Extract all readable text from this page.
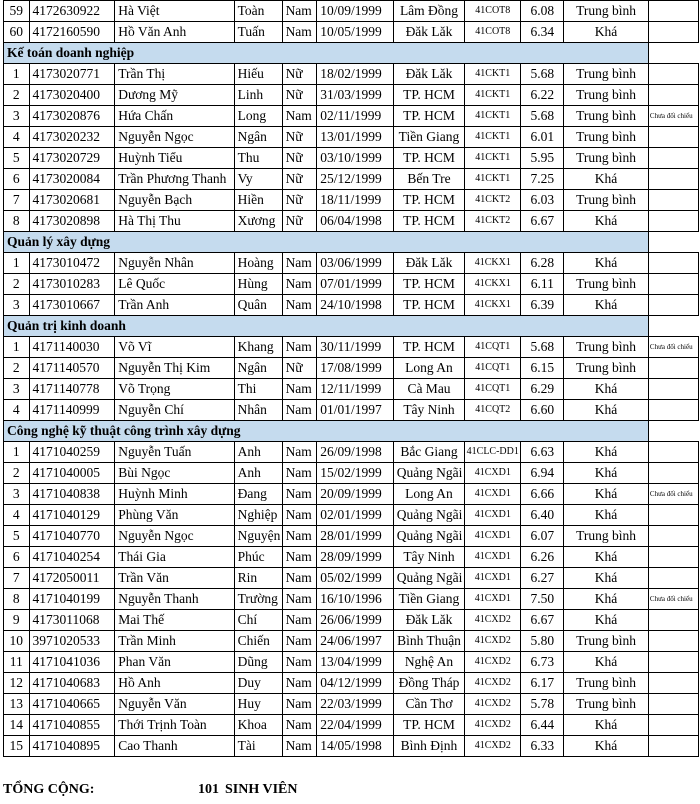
59	4172630922	Hà Việt	Toàn	Nam	10/09/1999	Lâm Đồng	41COT8	6.08	Trung bình	
60	4172160590	Hồ Văn Anh	Tuấn	Nam	10/05/1999	Đăk Lăk	41COT8	6.34	Khá	
Kế toán doanh nghiệp										
1	4173020771	Trần Thị	Hiếu	Nữ	18/02/1999	Đăk Lăk	41CKT1	5.68	Trung bình	
2	4173020400	Dương Mỹ	Linh	Nữ	31/03/1999	TP. HCM	41CKT1	6.22	Trung bình	
3	4173020876	Hứa Chấn	Long	Nam	02/11/1999	TP. HCM	41CKT1	5.68	Trung bình	Chưa đối chiếu
4	4173020232	Nguyễn Ngọc	Ngân	Nữ	13/01/1999	Tiền Giang	41CKT1	6.01	Trung bình	
5	4173020729	Huỳnh Tiểu	Thu	Nữ	03/10/1999	TP. HCM	41CKT1	5.95	Trung bình	
6	4173020084	Trần Phương Thanh	Vy	Nữ	25/12/1999	Bến Tre	41CKT1	7.25	Khá	
7	4173020681	Nguyễn Bạch	Hiền	Nữ	18/11/1999	TP. HCM	41CKT2	6.03	Trung bình	
8	4173020898	Hà Thị Thu	Xương	Nữ	06/04/1998	TP. HCM	41CKT2	6.67	Khá	
Quản lý xây dựng										
1	4173010472	Nguyễn Nhân	Hoàng	Nam	03/06/1999	Đăk Lăk	41CKX1	6.28	Khá	
2	4173010283	Lê Quốc	Hùng	Nam	07/01/1999	TP. HCM	41CKX1	6.11	Trung bình	
3	4173010667	Trần Anh	Quân	Nam	24/10/1998	TP. HCM	41CKX1	6.39	Khá	
Quản trị kinh doanh										
1	4171140030	Võ Vĩ	Khang	Nam	30/11/1999	TP. HCM	41CQT1	5.68	Trung bình	Chưa đối chiếu
2	4171140570	Nguyễn Thị Kim	Ngân	Nữ	17/08/1999	Long An	41CQT1	6.15	Trung bình	
3	4171140778	Võ Trọng	Thi	Nam	12/11/1999	Cà Mau	41CQT1	6.29	Khá	
4	4171140999	Nguyễn Chí	Nhân	Nam	01/01/1997	Tây Ninh	41CQT2	6.60	Khá	
Công nghệ kỹ thuật công trình xây dựng										
1	4171040259	Nguyễn Tuấn	Anh	Nam	26/09/1998	Bắc Giang	41CLC-DD1	6.63	Khá	
2	4171040005	Bùi Ngọc	Anh	Nam	15/02/1999	Quảng Ngãi	41CXD1	6.94	Khá	
3	4171040838	Huỳnh Minh	Đang	Nam	20/09/1999	Long An	41CXD1	6.66	Khá	Chưa đối chiếu
4	4171040129	Phùng Văn	Nghiệp	Nam	02/01/1999	Quảng Ngãi	41CXD1	6.40	Khá	
5	4171040770	Nguyễn Ngọc	Nguyện	Nam	28/01/1999	Quảng Ngãi	41CXD1	6.07	Trung bình	
6	4171040254	Thái Gia	Phúc	Nam	28/09/1999	Tây Ninh	41CXD1	6.26	Khá	
7	4172050011	Trần Văn	Rin	Nam	05/02/1999	Quảng Ngãi	41CXD1	6.27	Khá	
8	4171040199	Nguyễn Thanh	Trường	Nam	16/10/1996	Tiền Giang	41CXD1	7.50	Khá	Chưa đối chiếu
9	4173011068	Mai Thế	Chí	Nam	26/06/1999	Đăk Lăk	41CXD2	6.67	Khá	
10	3971020533	Trần Minh	Chiến	Nam	24/06/1997	Bình Thuận	41CXD2	5.80	Trung bình	
11	4171041036	Phan Văn	Dũng	Nam	13/04/1999	Nghệ An	41CXD2	6.73	Khá	
12	4171040683	Hồ Anh	Duy	Nam	04/12/1999	Đồng Tháp	41CXD2	6.17	Trung bình	
13	4171040665	Nguyễn Văn	Huy	Nam	22/03/1999	Cần Thơ	41CXD2	5.78	Trung bình	
14	4171040855	Thới Trịnh Toàn	Khoa	Nam	22/04/1999	TP. HCM	41CXD2	6.44	Khá	
15	4171040895	Cao Thanh	Tài	Nam	14/05/1998	Bình Định	41CXD2	6.33	Khá	
TỔNG CỘNG:	101 SINH VIÊN
